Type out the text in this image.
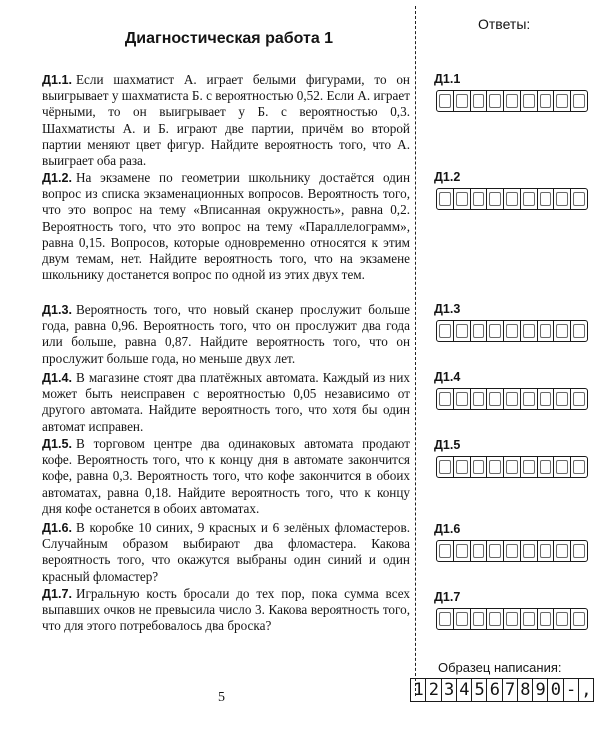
Диагностическая работа 1

Д1.1. Если шахматист А. играет белыми фигурами, то он выигрывает у шахматиста Б. с вероятностью 0,52. Если А. играет чёрными, то он выигрывает у Б. с вероятностью 0,3. Шахматисты А. и Б. играют две партии, причём во второй партии меняют цвет фигур. Найдите вероятность того, что А. выиграет оба раза.

Д1.2. На экзамене по геометрии школьнику достаётся один вопрос из списка экзаменационных вопросов. Вероятность того, что это вопрос на тему «Вписанная окружность», равна 0,2. Вероятность того, что это вопрос на тему «Параллелограмм», равна 0,15. Вопросов, которые одновременно относятся к этим двум темам, нет. Найдите вероятность того, что на экзамене школьнику достанется вопрос по одной из этих двух тем.

Д1.3. Вероятность того, что новый сканер прослужит больше года, равна 0,96. Вероятность того, что он прослужит два года или больше, равна 0,87. Найдите вероятность того, что он прослужит больше года, но меньше двух лет.

Д1.4. В магазине стоят два платёжных автомата. Каждый из них может быть неисправен с вероятностью 0,05 независимо от другого автомата. Найдите вероятность того, что хотя бы один автомат исправен.

Д1.5. В торговом центре два одинаковых автомата продают кофе. Вероятность того, что к концу дня в автомате закончится кофе, равна 0,3. Вероятность того, что кофе закончится в обоих автоматах, равна 0,18. Найдите вероятность того, что к концу дня кофе останется в обоих автоматах.

Д1.6. В коробке 10 синих, 9 красных и 6 зелёных фломастеров. Случайным образом выбирают два фломастера. Какова вероятность того, что окажутся выбраны один синий и один красный фломастер?

Д1.7. Игральную кость бросали до тех пор, пока сумма всех выпавших очков не превысила число 3. Какова вероятность того, что для этого потребовалось два броска?

5
Ответы:
Д1.1
Д1.2
Д1.3
Д1.4
Д1.5
Д1.6
Д1.7
Образец написания:
1 2 3 4 5 6 7 8 9 0 - ,
